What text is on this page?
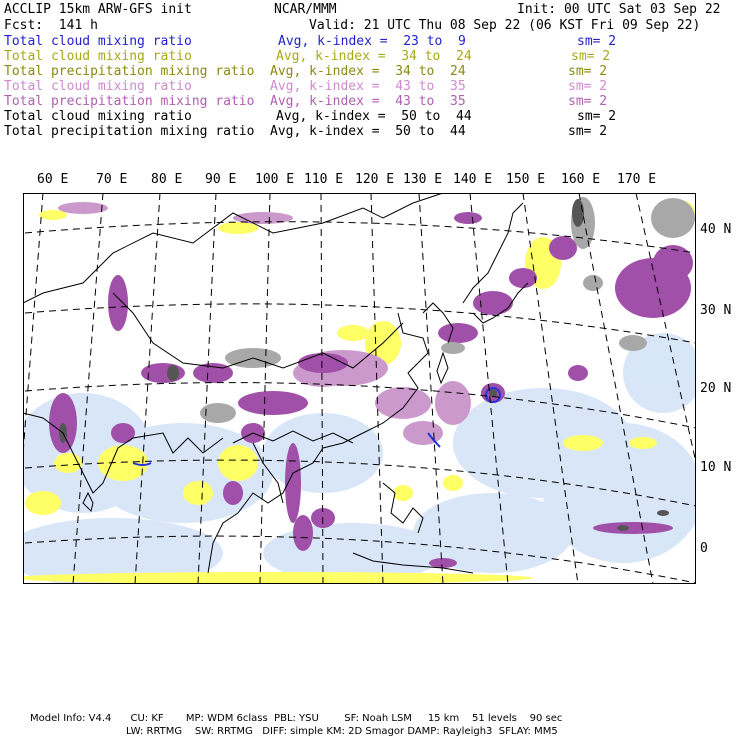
ACCLIP 15km ARW-GFS init	NCAR/MMM	Init: 00 UTC Sat 03 Sep 22
Fcst:  141 h	Valid: 21 UTC Thu 08 Sep 22 (06 KST Fri 09 Sep 22)
Total cloud mixing ratio	Avg, k-index =  23 to  9	sm= 2
Total cloud mixing ratio	Avg, k-index =  34 to  24	sm= 2
Total precipitation mixing ratio Avg, k-index =  34 to  24	sm= 2
Total cloud mixing ratio	Avg, k-index =  43 to  35	sm= 2
Total precipitation mixing ratio Avg, k-index =  43 to  35	sm= 2
Total cloud mixing ratio	Avg, k-index =  50 to  44	sm= 2
Total precipitation mixing ratio Avg, k-index =  50 to  44	sm= 2
60 E 70 E 80 E 90 E 100 E 110 E 120 E 130 E 140 E 150 E 160 E 170 E
40 N
30 N
20 N
10 N
0
Model Info: V4.4      CU: KF       MP: WDM 6class  PBL: YSU        SF: Noah LSM     15 km    51 levels    90 sec
LW: RRTMG    SW: RRTMG   DIFF: simple KM: 2D Smagor DAMP: Rayleigh3  SFLAY: MM5
